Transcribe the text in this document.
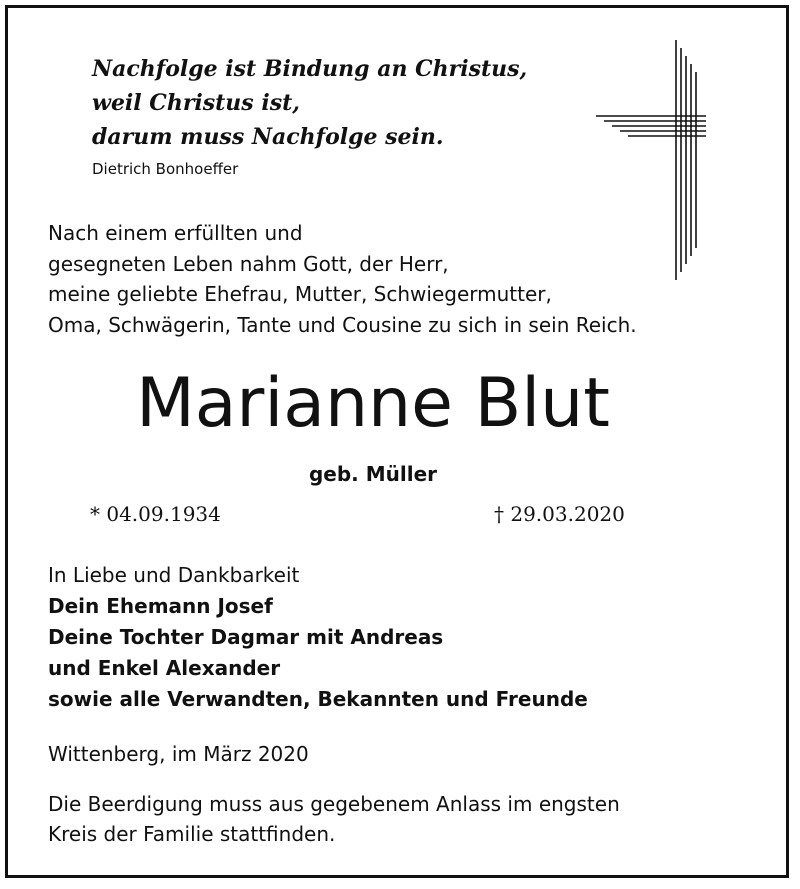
Nachfolge ist Bindung an Christus,
weil Christus ist,
darum muss Nachfolge sein.
Dietrich Bonhoeffer
Nach einem erfüllten und
gesegneten Leben nahm Gott, der Herr,
meine geliebte Ehefrau, Mutter, Schwiegermutter,
Oma, Schwägerin, Tante und Cousine zu sich in sein Reich.
Marianne Blut
geb. Müller
* 04.09.1934	† 29.03.2020
In Liebe und Dankbarkeit
Dein Ehemann Josef
Deine Tochter Dagmar mit Andreas
und Enkel Alexander
sowie alle Verwandten, Bekannten und Freunde
Wittenberg, im März 2020
Die Beerdigung muss aus gegebenem Anlass im engsten
Kreis der Familie stattfinden.
